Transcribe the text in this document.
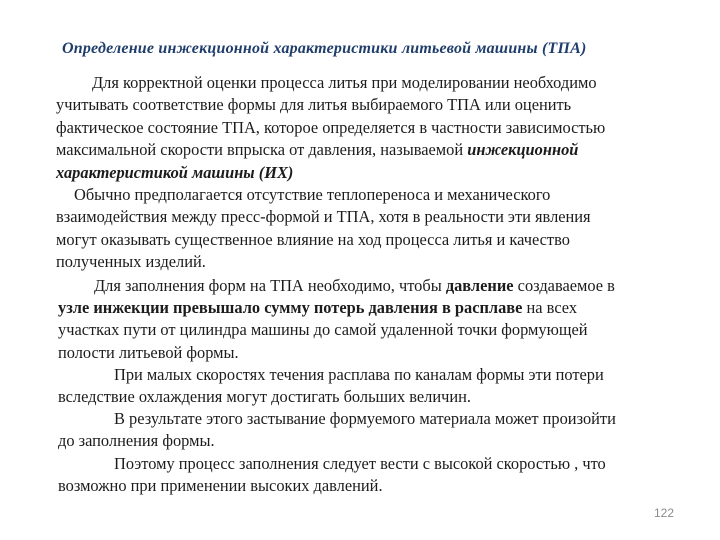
Определение инжекционной характеристики литьевой машины (ТПА)
Для корректной оценки процесса литья при моделировании необходимо
учитывать соответствие формы для литья выбираемого ТПА или оценить
фактическое состояние ТПА, которое определяется в частности зависимостью
максимальной скорости впрыска от давления, называемой инжекционной
характеристикой машины (ИХ)
Обычно предполагается отсутствие теплопереноса и механического
взаимодействия между пресс-формой и ТПА, хотя в реальности эти явления
могут оказывать существенное влияние на ход процесса литья и качество
полученных изделий.
Для заполнения форм на ТПА необходимо, чтобы давление создаваемое в
узле инжекции превышало сумму потерь давления в расплаве на всех
участках пути от цилиндра машины до самой удаленной точки формующей
полости литьевой формы.
При малых скоростях течения расплава по каналам формы эти потери
вследствие охлаждения могут достигать больших величин.
В результате этого застывание формуемого материала может произойти
до заполнения формы.
Поэтому процесс заполнения следует вести с высокой скоростью , что
возможно при применении высоких давлений.
122
